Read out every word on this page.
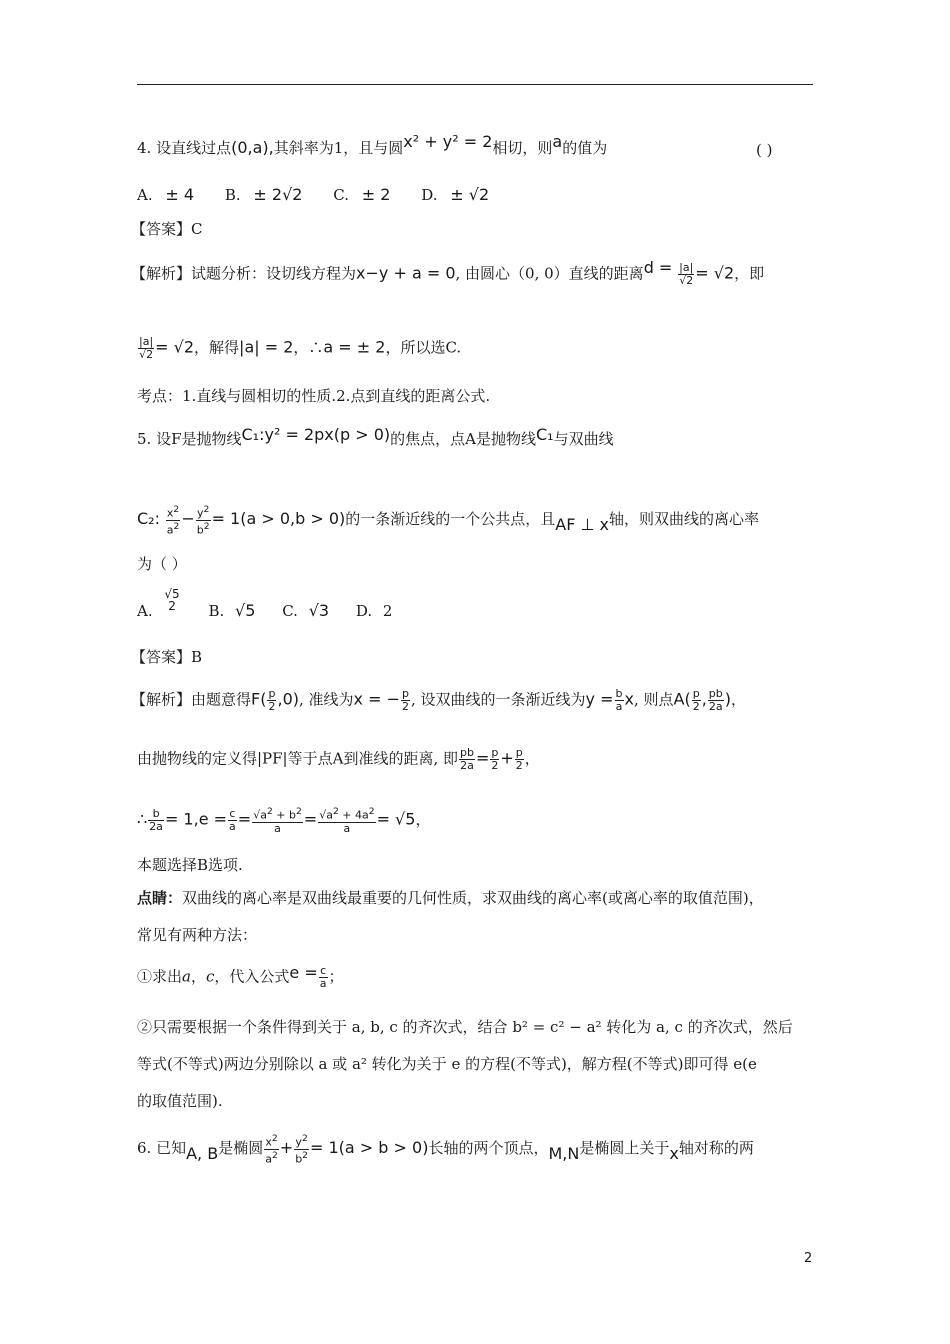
4. 设直线过点(0,a),其斜率为1，且与圆x² + y² = 2相切，则a的值为	( )
A. ± 4 B. ± 2√2 C. ± 2 D. ± √2
【答案】C
【解析】试题分析：设切线方程为x−y + a = 0, 由圆心（0, 0）直线的距离$d = \frac{|a|}{√2} = √2$，即
$\frac{|a|}{√2} = √2$，解得|a| = 2，∴a = ± 2，所以选C.
考点：1.直线与圆相切的性质.2.点到直线的距离公式.
5. 设F是抛物线C₁:y² = 2px(p > 0)的焦点，点A是抛物线C₁与双曲线
C₂: $\frac{x^2}{a^2} - \frac{y^2}{b^2} = 1(a > 0,b > 0)$的一条渐近线的一个公共点，且AF ⊥ x轴，则双曲线的离心率
为（ ）
A.
√5
2	B. √5 C. √3 D. 2
【答案】B
【解析】由题意得$F( \frac{p}{2} ,0)$, 准线为x = − $\frac{p}{2}$ , 设双曲线的一条渐近线为$y = \frac{b}{a} x$, 则点$A( \frac{p}{2}$ , $\frac{pb}{2a}$ )，
由抛物线的定义得|PF|等于点A到准线的距离, 即 $\frac{pb}{2a} = \frac{p}{2} + \frac{p}{2}$ ，
∴ $\frac{b}{2a} = 1,e = \frac{c}{a} = \frac{√a^2 + b^2}{a} = \frac{√a^2 + 4a^2}{a} = √5$，
本题选择B选项.
点睛：双曲线的离心率是双曲线最重要的几何性质，求双曲线的离心率(或离心率的取值范围)，
常见有两种方法：
①求出a，c，代入公式$e = \frac{c}{a}$ ；
②只需要根据一个条件得到关于 a, b, c 的齐次式，结合 b² = c² − a² 转化为 a, c 的齐次式，然后
等式(不等式)两边分别除以 a 或 a² 转化为关于 e 的方程(不等式)，解方程(不等式)即可得 e(e
的取值范围).
6. 已知A, B是椭圆 $\frac{x^2}{a^2} + \frac{y^2}{b^2} = 1(a > b > 0)$长轴的两个顶点，M,N是椭圆上关于x轴对称的两
2
